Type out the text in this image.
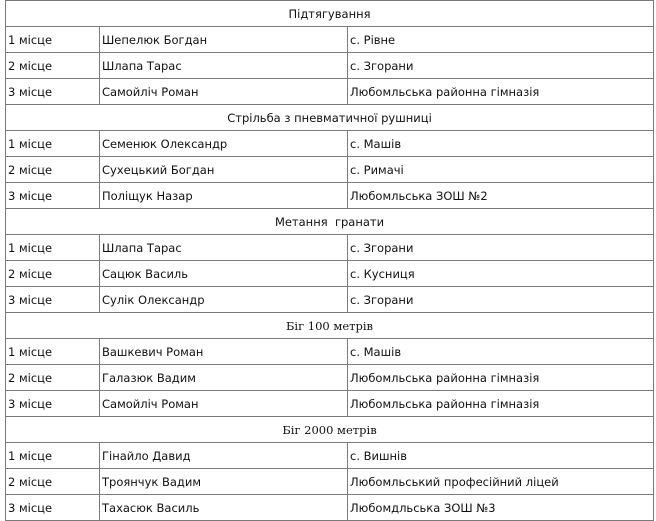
Підтягування		
1 місце	Шепелюк Богдан	с. Рівне
2 місце	Шлапа Тарас	с. Згорани
3 місце	Самойліч Роман	Любомльська районна гімназія
Стрільба з пневматичної рушниці		
1 місце	Семенюк Олександр	с. Машів
2 місце	Сухецький Богдан	с. Римачі
3 місце	Поліщук Назар	Любомльська ЗОШ №2
Метання  гранати		
1 місце	Шлапа Тарас	с. Згорани
2 місце	Сацюк Василь	с. Кусниця
3 місце	Сулік Олександр	с. Згорани
Біг 100 метрів		
1 місце	Вашкевич Роман	с. Машів
2 місце	Галазюк Вадим	Любомльська районна гімназія
3 місце	Самойліч Роман	Любомльська районна гімназія
Біг 2000 метрів		
1 місце	Гінайло Давид	с. Вишнів
2 місце	Троянчук Вадим	Любомльський професійний ліцей
3 місце	Тахасюк Василь	Любомдльська ЗОШ №3
